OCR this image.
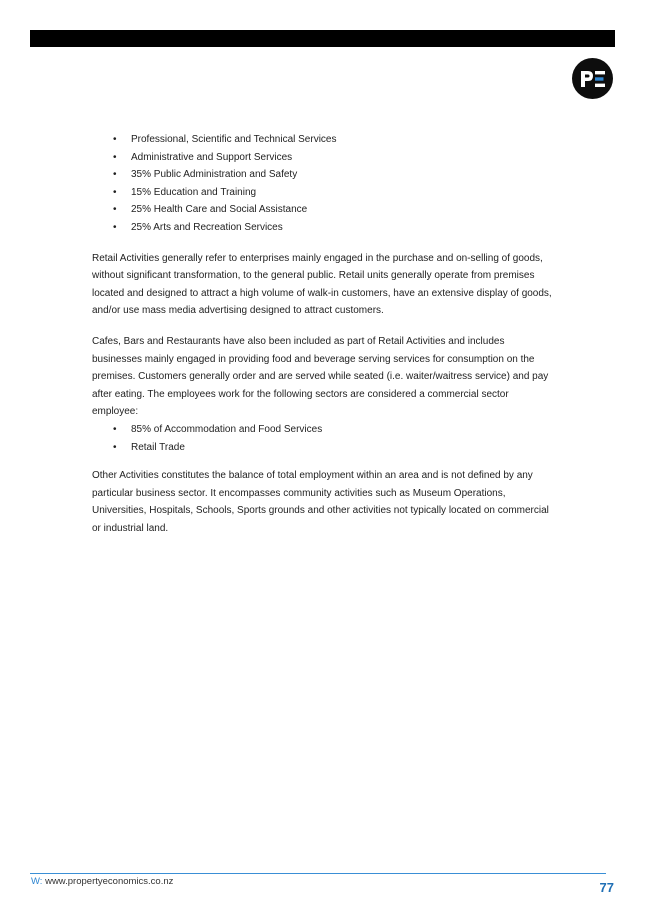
• Professional, Scientific and Technical Services
• Administrative and Support Services
• 35% Public Administration and Safety
• 15% Education and Training
• 25% Health Care and Social Assistance
• 25% Arts and Recreation Services

Retail Activities generally refer to enterprises mainly engaged in the purchase and on-selling of goods, without significant transformation, to the general public. Retail units generally operate from premises located and designed to attract a high volume of walk-in customers, have an extensive display of goods, and/or use mass media advertising designed to attract customers.

Cafes, Bars and Restaurants have also been included as part of Retail Activities and includes businesses mainly engaged in providing food and beverage serving services for consumption on the premises. Customers generally order and are served while seated (i.e. waiter/waitress service) and pay after eating. The employees work for the following sectors are considered a commercial sector employee:

• 85% of Accommodation and Food Services
• Retail Trade

Other Activities constitutes the balance of total employment within an area and is not defined by any particular business sector. It encompasses community activities such as Museum Operations, Universities, Hospitals, Schools, Sports grounds and other activities not typically located on commercial or industrial land.

W: www.propertyeconomics.co.nz	77
